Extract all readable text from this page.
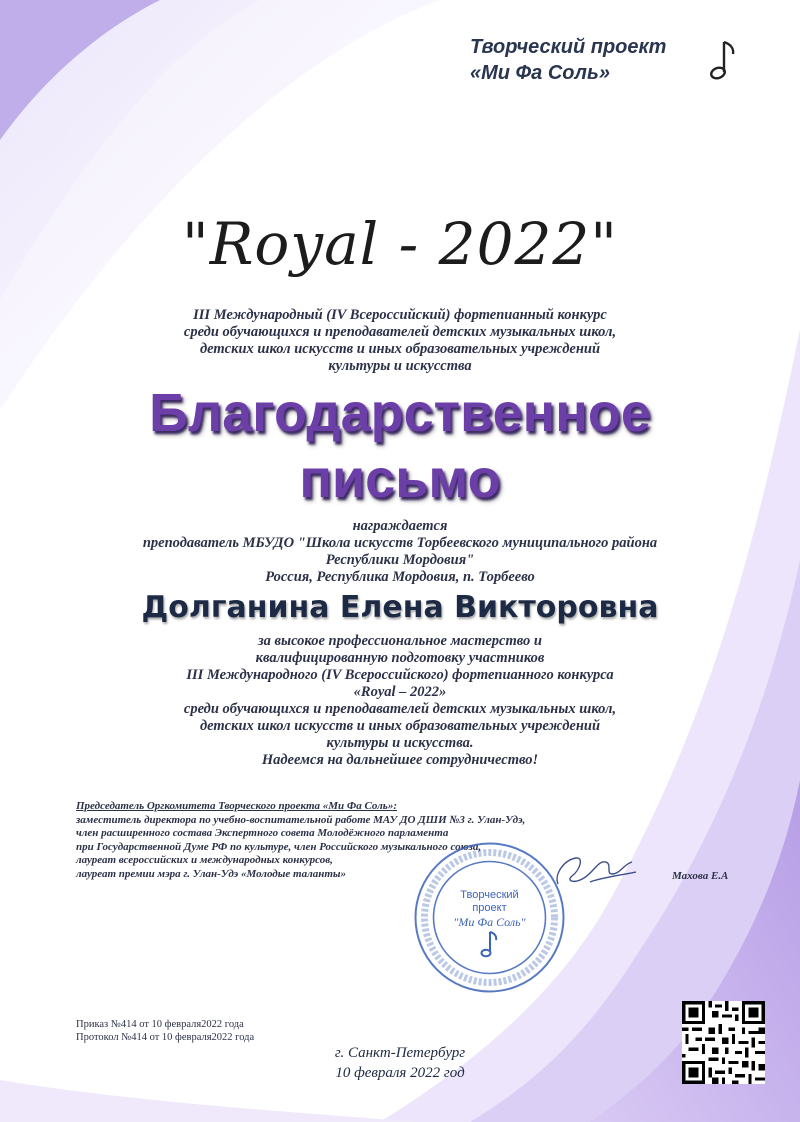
Творческий проект
«Ми Фа Соль»
"Royal - 2022"
III Международный (IV Всероссийский) фортепианный конкурс
среди обучающихся и преподавателей детских музыкальных школ,
детских школ искусств и иных образовательных учреждений
культуры и искусства
Благодарственное
письмо
награждается
преподаватель МБУДО "Школа искусств Торбеевского муниципального района
Республики Мордовия"
Россия, Республика Мордовия, п. Торбеево
Долганина Елена Викторовна
за высокое профессиональное мастерство и
квалифицированную подготовку участников
III Международного (IV Всероссийского) фортепианного конкурса
«Royal – 2022»
среди обучающихся и преподавателей детских музыкальных школ,
детских школ искусств и иных образовательных учреждений
культуры и искусства.
Надеемся на дальнейшее сотрудничество!
Председатель Оргкомитета Творческого проекта «Ми Фа Соль»:
заместитель директора по учебно-воспитательной работе МАУ ДО ДШИ №3 г. Улан-Удэ,
член расширенного состава Экспертного совета Молодёжного парламента
при Государственной Думе РФ по культуре, член Российского музыкального союза,
лауреат всероссийских и международных конкурсов,
лауреат премии мэра г. Улан-Удэ «Молодые таланты»
Творческий
проект
"Ми Фа Соль"
Махова Е.А
Приказ №414 от 10 февраля2022 года
Протокол №414 от 10 февраля2022 года
г. Санкт-Петербург
10 февраля 2022 год
